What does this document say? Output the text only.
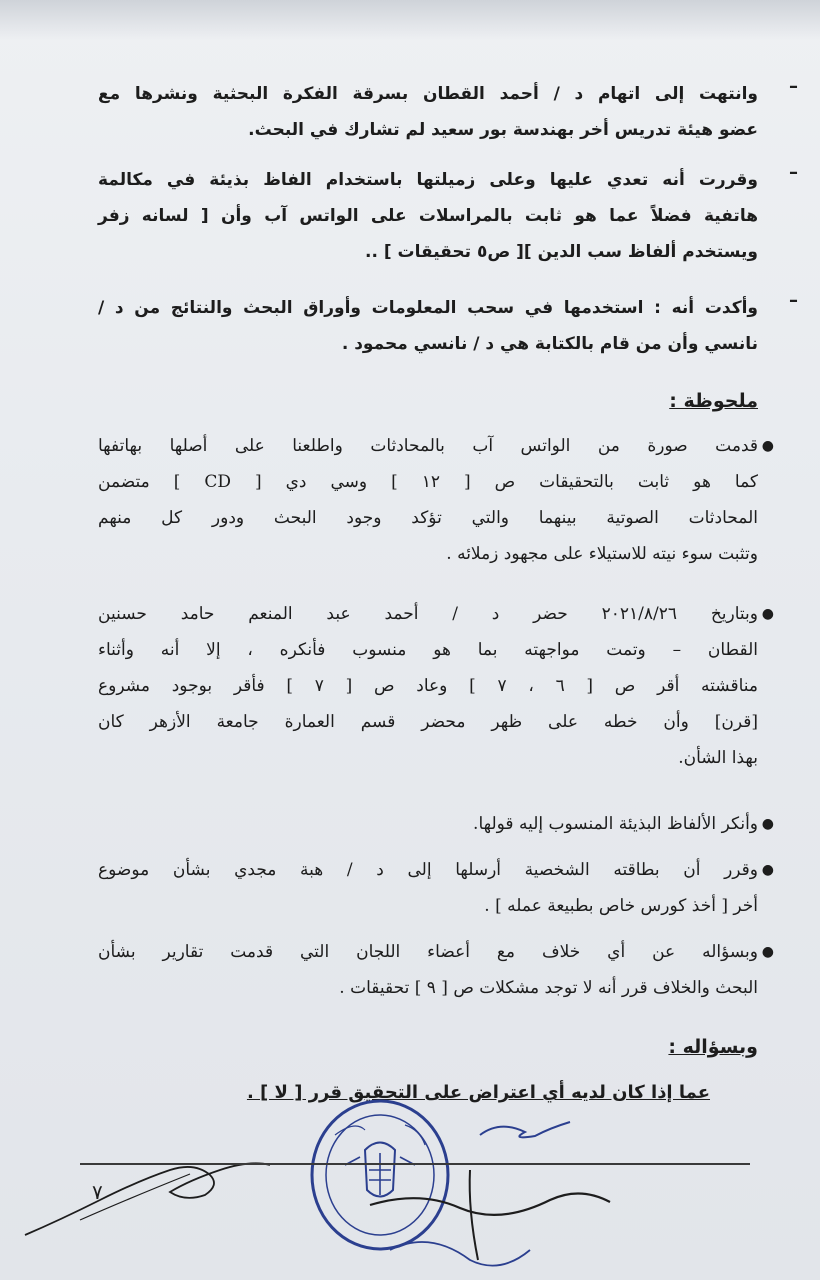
–

وانتهت إلى اتهام د / أحمد القطان بسرقة الفكرة البحثية ونشرها مع

عضو هيئة تدريس أخر بهندسة بور سعيد لم تشارك في البحث.

–

وقررت أنه تعدي عليها وعلى زميلتها باستخدام الفاظ بذيئة في مكالمة

هاتفية فضلاً عما هو ثابت بالمراسلات على الواتس آب وأن [ لسانه زفر

ويستخدم ألفاظ سب الدين ][ ص٥ تحقيقات ] ..

–

وأكدت أنه : استخدمها في سحب المعلومات وأوراق البحث والنتائج من د /

نانسي وأن من قام بالكتابة هي د / نانسي محمود .

ملحوظة :
●

قدمت صورة من الواتس آب بالمحادثات واطلعنا على أصلها بهاتفها

كما هو ثابت بالتحقيقات ص [ ١٢ ] وسي دي [ CD ] متضمن

المحادثات الصوتية بينهما والتي تؤكد وجود البحث ودور كل منهم

وتثبت سوء نيته للاستيلاء على مجهود زملائه .

●

وبتاريخ ٢٠٢١/٨/٢٦ حضر د / أحمد عبد المنعم حامد حسنين

القطان – وتمت مواجهته بما هو منسوب فأنكره ، إلا أنه وأثناء

مناقشته أقر ص [ ٦ ، ٧ ] وعاد ص [ ٧ ] فأقر بوجود مشروع

[قرن] وأن خطه على ظهر محضر قسم العمارة جامعة الأزهر كان

بهذا الشأن.

●

وأنكر الألفاظ البذيئة المنسوب إليه قولها.

●

وقرر أن بطاقته الشخصية أرسلها إلى د / هبة مجدي بشأن موضوع

أخر [ أخذ كورس خاص بطبيعة عمله ] .

●

وبسؤاله عن أي خلاف مع أعضاء اللجان التي قدمت تقارير بشأن

البحث والخلاف قرر أنه لا توجد مشكلات ص [ ٩ ] تحقيقات .

وبسؤاله :
عما إذا كان لديه أي اعتراض على التحقيق قرر [ لا ] .
٧
